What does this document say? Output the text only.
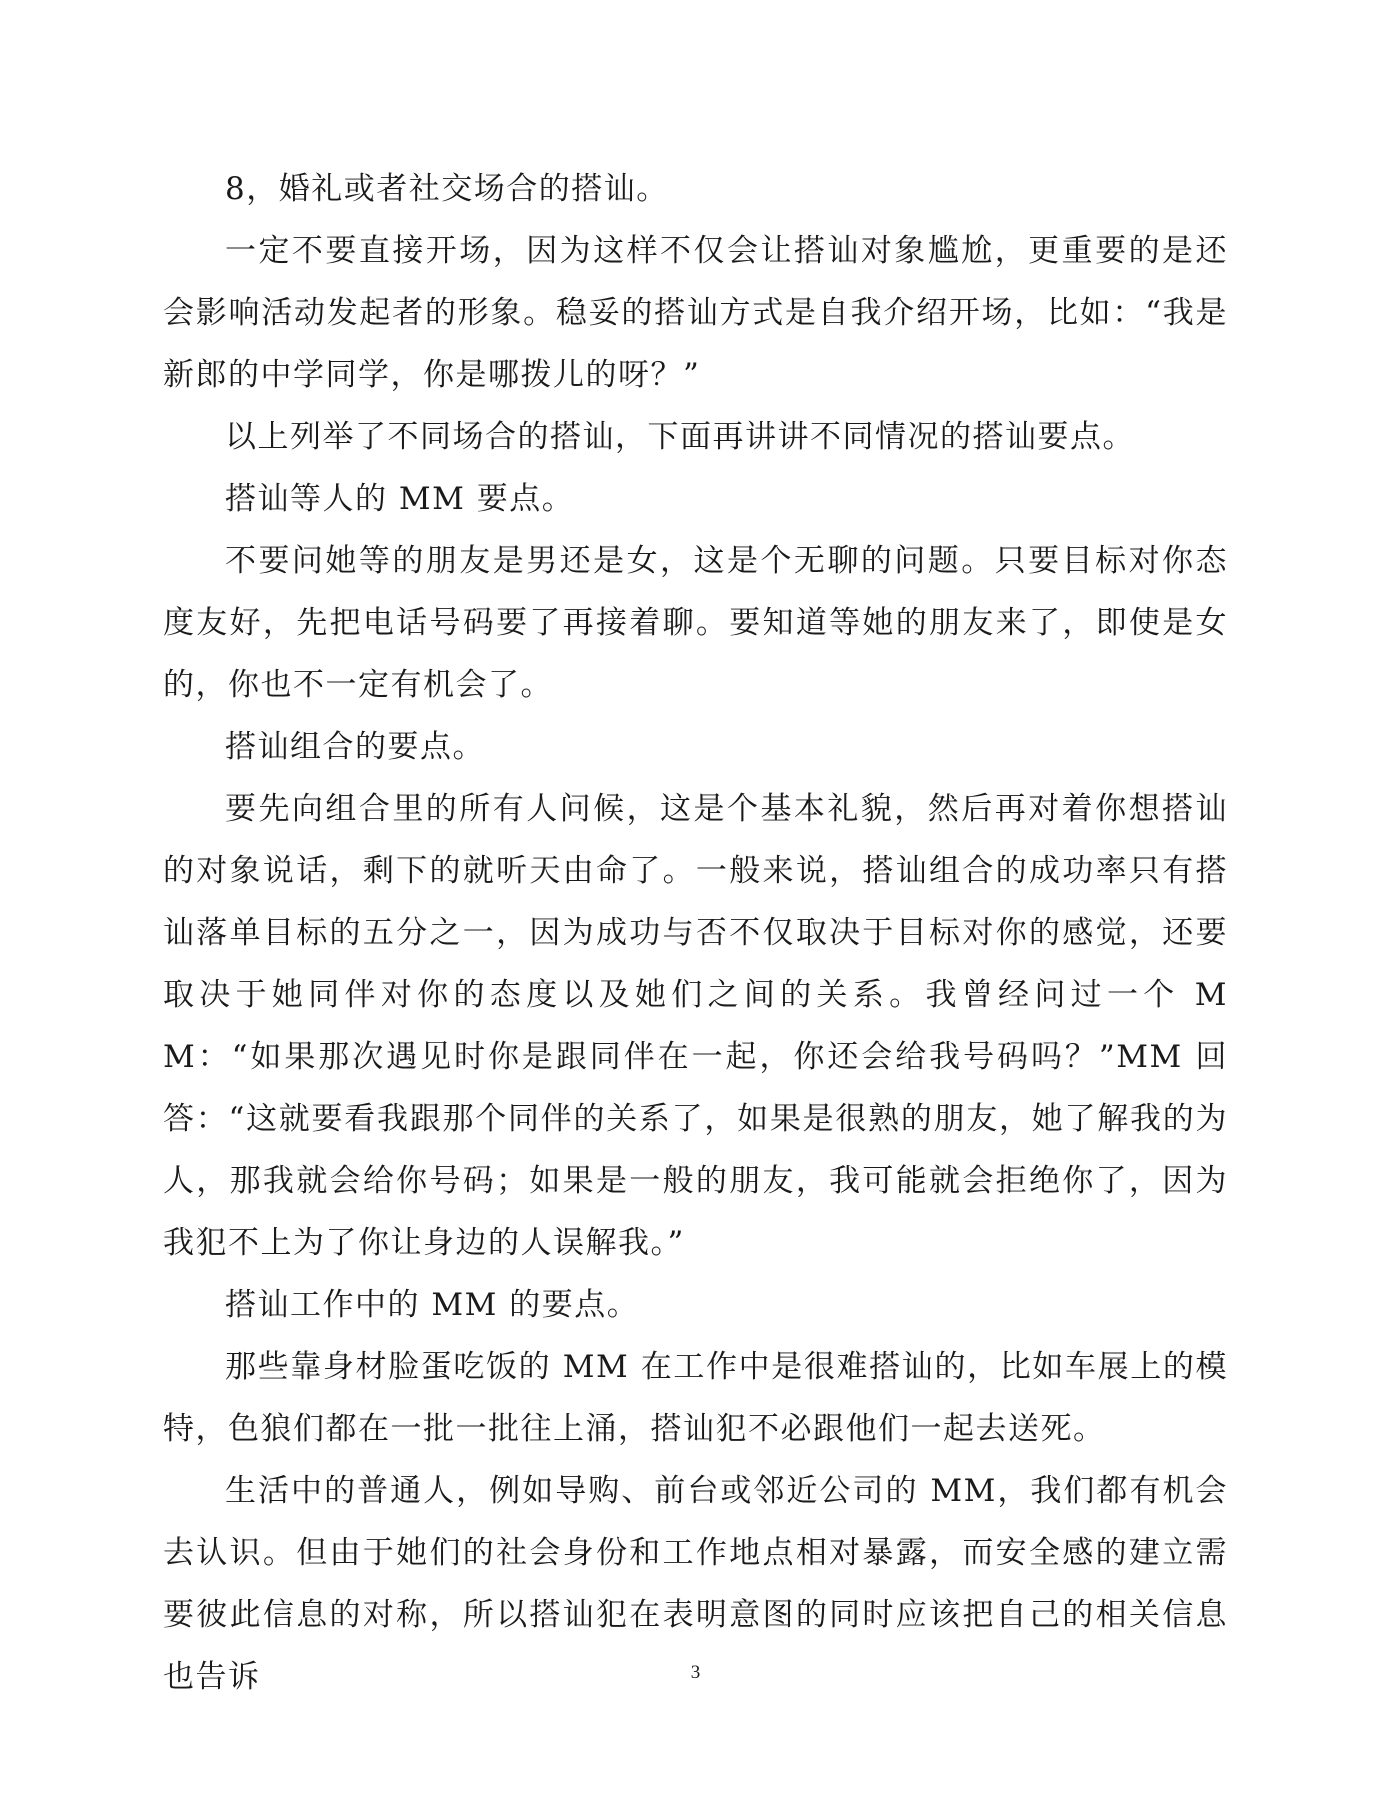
8，婚礼或者社交场合的搭讪。

一定不要直接开场，因为这样不仅会让搭讪对象尴尬，更重要的是还会影响活动发起者的形象。稳妥的搭讪方式是自我介绍开场，比如：“我是新郎的中学同学，你是哪拨儿的呀？”

以上列举了不同场合的搭讪，下面再讲讲不同情况的搭讪要点。

搭讪等人的 MM 要点。

不要问她等的朋友是男还是女，这是个无聊的问题。只要目标对你态度友好，先把电话号码要了再接着聊。要知道等她的朋友来了，即使是女的，你也不一定有机会了。

搭讪组合的要点。

要先向组合里的所有人问候，这是个基本礼貌，然后再对着你想搭讪的对象说话，剩下的就听天由命了。一般来说，搭讪组合的成功率只有搭讪落单目标的五分之一，因为成功与否不仅取决于目标对你的感觉，还要取决于她同伴对你的态度以及她们之间的关系。我曾经问过一个 MM：“如果那次遇见时你是跟同伴在一起，你还会给我号码吗？”MM 回答：“这就要看我跟那个同伴的关系了，如果是很熟的朋友，她了解我的为人，那我就会给你号码；如果是一般的朋友，我可能就会拒绝你了，因为我犯不上为了你让身边的人误解我。”

搭讪工作中的 MM 的要点。

那些靠身材脸蛋吃饭的 MM 在工作中是很难搭讪的，比如车展上的模特，色狼们都在一批一批往上涌，搭讪犯不必跟他们一起去送死。

生活中的普通人，例如导购、前台或邻近公司的 MM，我们都有机会去认识。但由于她们的社会身份和工作地点相对暴露，而安全感的建立需要彼此信息的对称，所以搭讪犯在表明意图的同时应该把自己的相关信息也告诉	3
